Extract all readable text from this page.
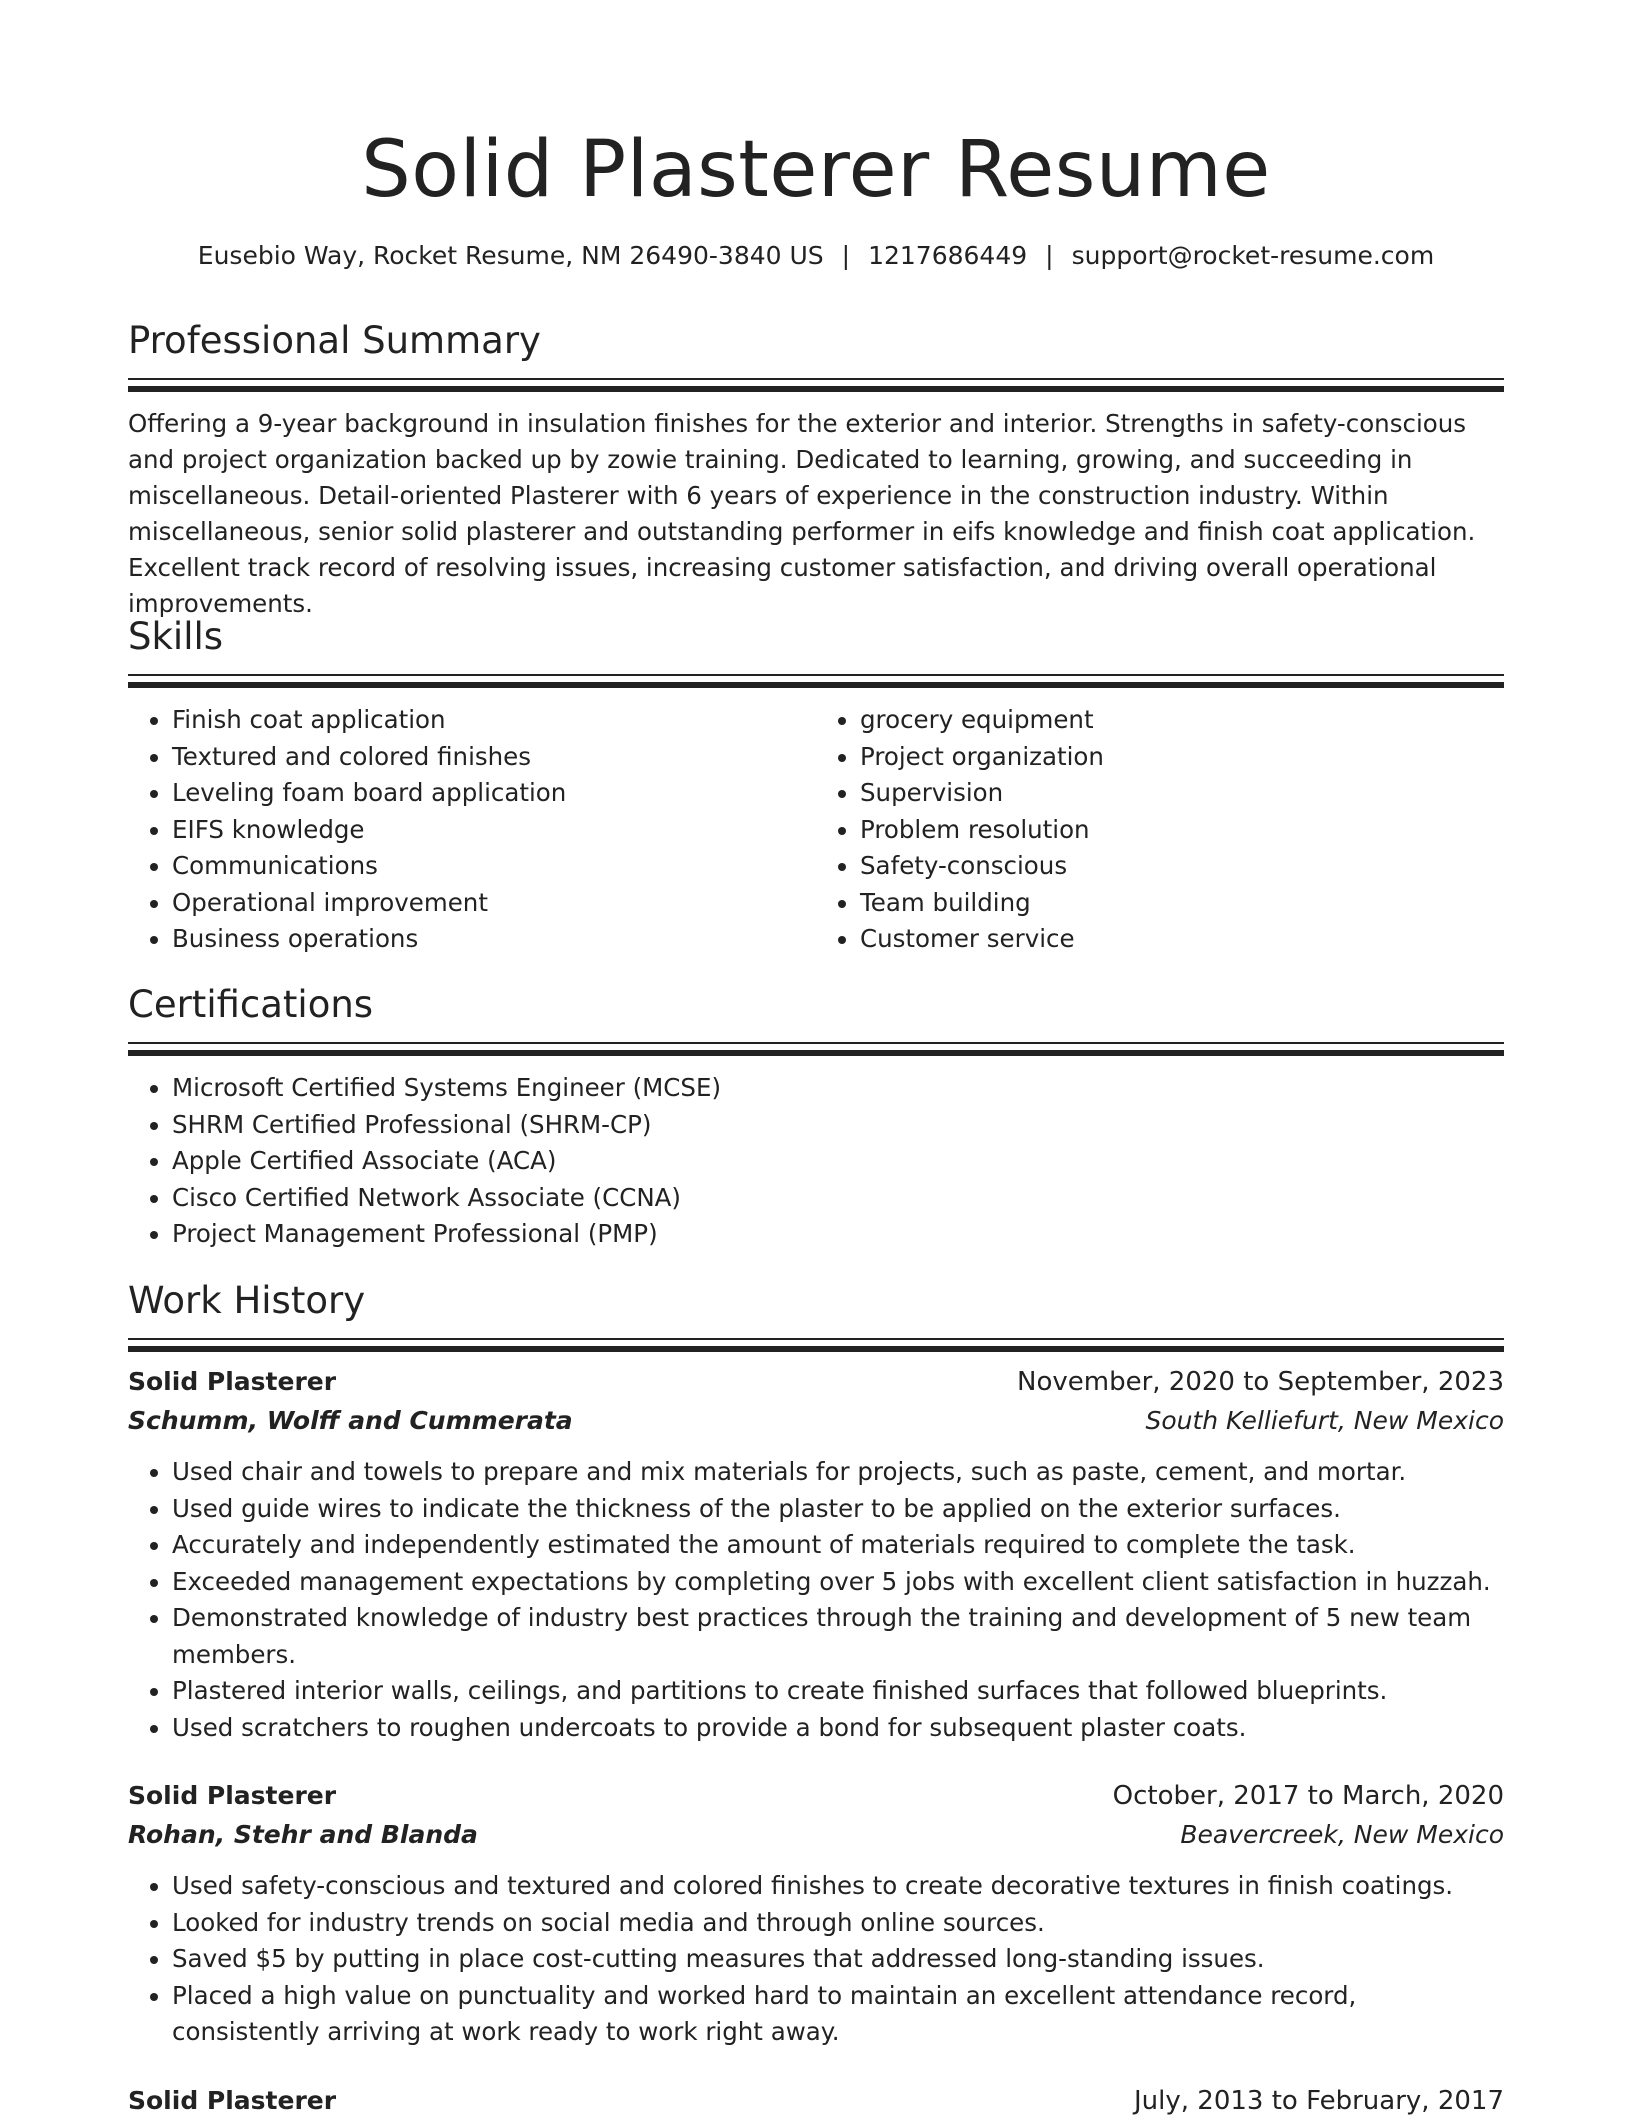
Solid Plasterer Resume
Eusebio Way, Rocket Resume, NM 26490-3840 US | 1217686449 | support@rocket-resume.com
Professional Summary

Offering a 9-year background in insulation finishes for the exterior and interior. Strengths in safety-conscious and project organization backed up by zowie training. Dedicated to learning, growing, and succeeding in miscellaneous. Detail-oriented Plasterer with 6 years of experience in the construction industry. Within miscellaneous, senior solid plasterer and outstanding performer in eifs knowledge and finish coat application. Excellent track record of resolving issues, increasing customer satisfaction, and driving overall operational improvements.

Skills
• Finish coat application
• Textured and colored finishes
• Leveling foam board application
• EIFS knowledge
• Communications
• Operational improvement
• Business operations
• grocery equipment
• Project organization
• Supervision
• Problem resolution
• Safety-conscious
• Team building
• Customer service
Certifications
• Microsoft Certified Systems Engineer (MCSE)
• SHRM Certified Professional (SHRM-CP)
• Apple Certified Associate (ACA)
• Cisco Certified Network Associate (CCNA)
• Project Management Professional (PMP)
Work History
Solid Plasterer	November, 2020 to September, 2023
Schumm, Wolff and Cummerata	South Kelliefurt, New Mexico
• Used chair and towels to prepare and mix materials for projects, such as paste, cement, and mortar.
• Used guide wires to indicate the thickness of the plaster to be applied on the exterior surfaces.
• Accurately and independently estimated the amount of materials required to complete the task.
• Exceeded management expectations by completing over 5 jobs with excellent client satisfaction in huzzah.
• Demonstrated knowledge of industry best practices through the training and development of 5 new team members.
• Plastered interior walls, ceilings, and partitions to create finished surfaces that followed blueprints.
• Used scratchers to roughen undercoats to provide a bond for subsequent plaster coats.
Solid Plasterer	October, 2017 to March, 2020
Rohan, Stehr and Blanda	Beavercreek, New Mexico
• Used safety-conscious and textured and colored finishes to create decorative textures in finish coatings.
• Looked for industry trends on social media and through online sources.
• Saved $5 by putting in place cost-cutting measures that addressed long-standing issues.
• Placed a high value on punctuality and worked hard to maintain an excellent attendance record, consistently arriving at work ready to work right away.
Solid Plasterer	July, 2013 to February, 2017
